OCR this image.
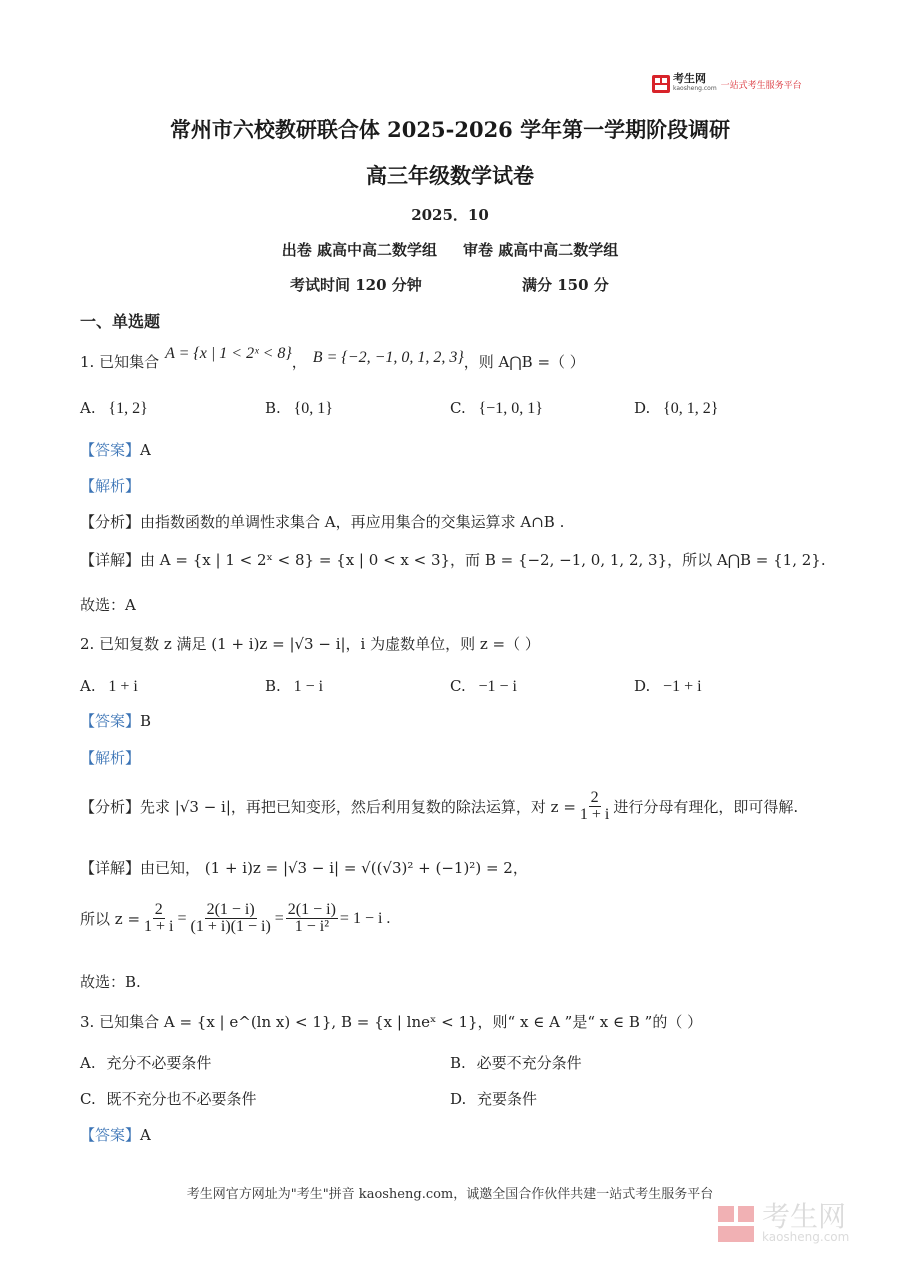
考生网
kaosheng.com 一站式考生服务平台
常州市六校教研联合体 2025-2026 学年第一学期阶段调研
高三年级数学试卷
2025．10
出卷 戚高中高二数学组     审卷 戚高中高二数学组
考试时间 120 分钟	满分 150 分
一、单选题
1. 已知集合 A = {x | 1 < 2ˣ < 8} ， B = {−2, −1, 0, 1, 2, 3} ，则 A⋂B =（ ）
A. {1, 2}	B. {0, 1}	C. {−1, 0, 1}	D. {0, 1, 2}
【答案】A
【解析】
【分析】由指数函数的单调性求集合 A，再应用集合的交集运算求 A∩B .
【详解】由 A = {x | 1 < 2ˣ < 8} = {x | 0 < x < 3}，而 B = {−2, −1, 0, 1, 2, 3}，所以 A⋂B = {1, 2}.
故选：A
2. 已知复数 z 满足 (1 + i)z = |√3 − i|，i 为虚数单位，则 z =（ ）
A. 1 + i	B. 1 − i	C. −1 − i	D. −1 + i
【答案】B
【解析】
【分析】 先求 |√3 − i|，再把已知变形，然后利用复数的除法运算，对 $z = \frac{2}{1 + i}$ 进行分母有理化，即可得解.
【详解】由已知， (1 + i)z = |√3 − i| = √((√3)² + (−1)²) = 2，
所以 $z = \frac{2}{1 + i} = \frac{2(1 - i)}{(1 + i)(1 - i)} = \frac{2(1 - i)}{\text{1 − i²}} = 1 - i$ .
故选：B.
3. 已知集合 A = {x | e^(ln x) < 1}, B = {x | lneˣ < 1}，则“ x ∈ A ”是“ x ∈ B ”的（ ）
A. 充分不必要条件	B. 必要不充分条件
C. 既不充分也不必要条件	D. 充要条件
【答案】A
考生网官方网址为"考生"拼音 kaosheng.com，诚邀全国合作伙伴共建一站式考生服务平台
考生网
kaosheng.com
